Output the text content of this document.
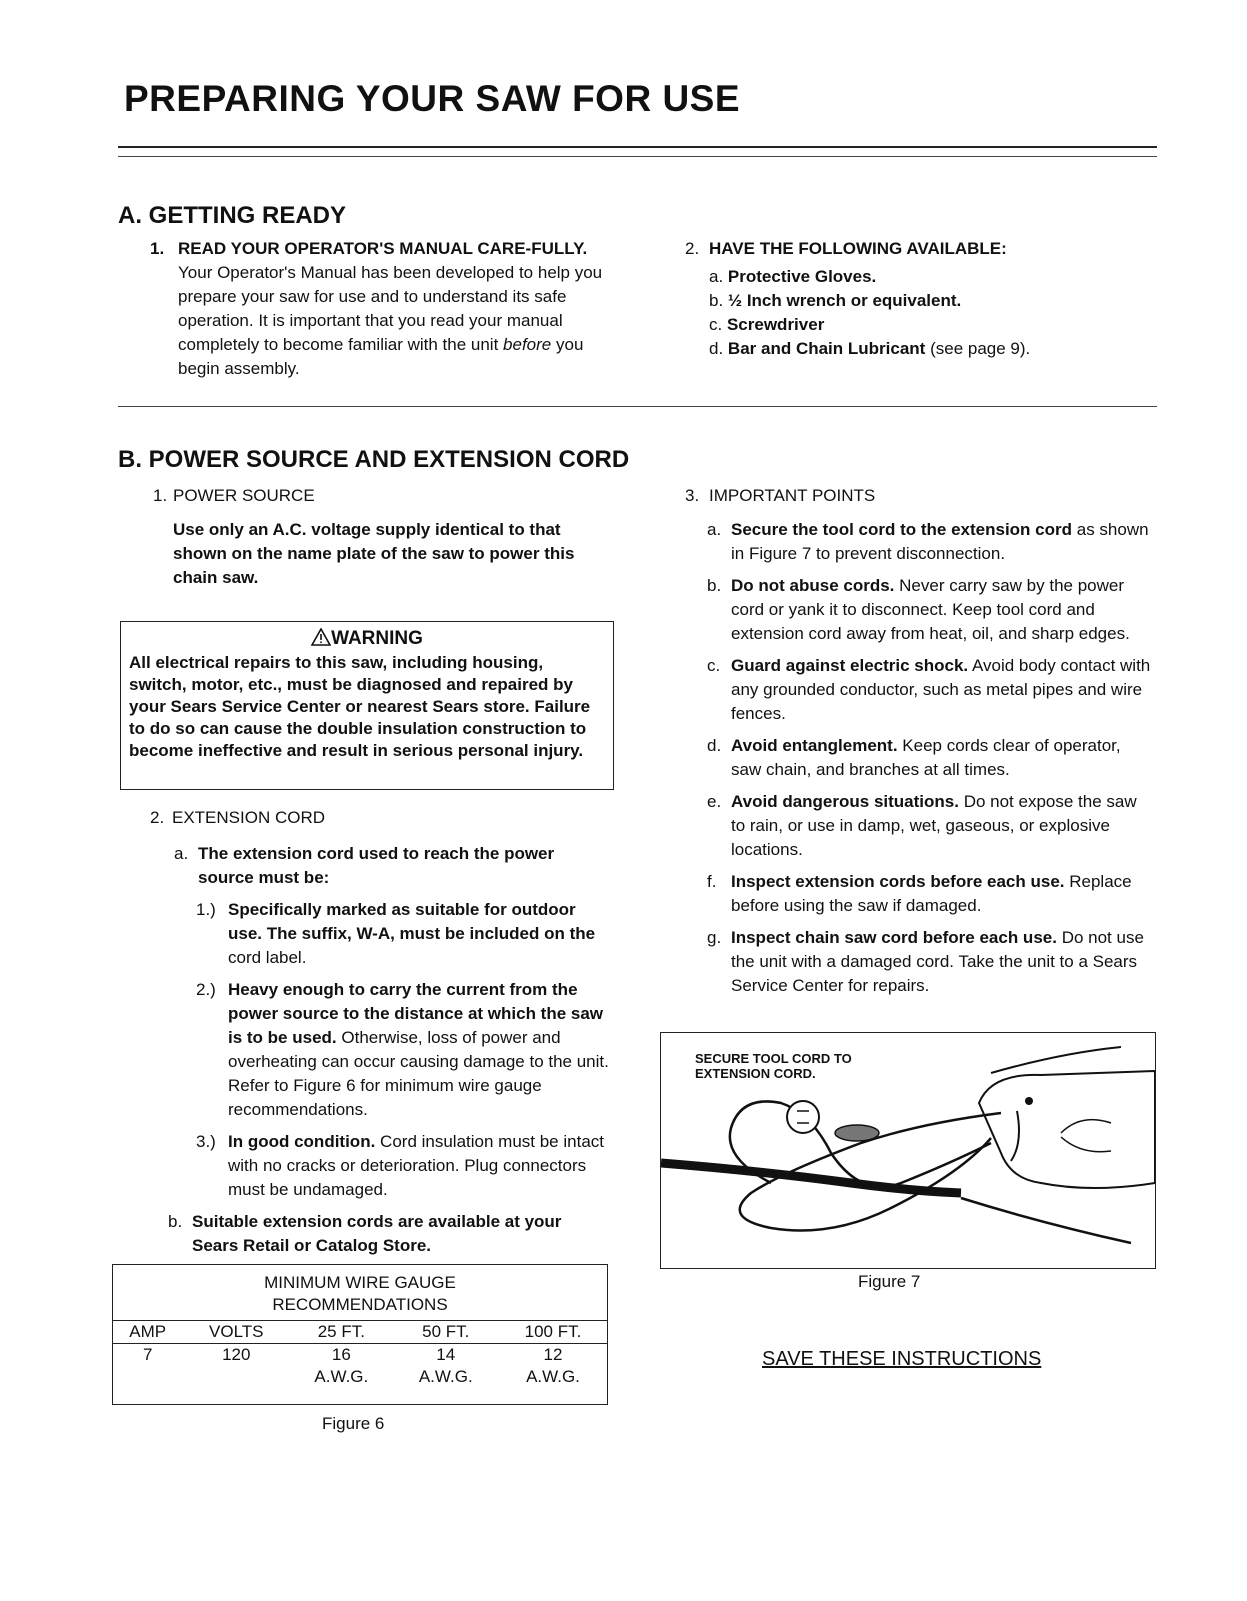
PREPARING YOUR SAW FOR USE
A. GETTING READY
1. READ YOUR OPERATOR'S MANUAL CARE-FULLY. Your Operator's Manual has been developed to help you prepare your saw for use and to understand its safe operation. It is important that you read your manual completely to become familiar with the unit before you begin assembly.
2. HAVE THE FOLLOWING AVAILABLE:
a. Protective Gloves.
b. ½ Inch wrench or equivalent.
c. Screwdriver
d. Bar and Chain Lubricant (see page 9).
B. POWER SOURCE AND EXTENSION CORD
1. POWER SOURCE
Use only an A.C. voltage supply identical to that shown on the name plate of the saw to power this chain saw.
WARNING
All electrical repairs to this saw, including housing, switch, motor, etc., must be diagnosed and repaired by your Sears Service Center or nearest Sears store. Failure to do so can cause the double insulation construction to become ineffective and result in serious personal injury.
2. EXTENSION CORD
a. The extension cord used to reach the power source must be:
1.) Specifically marked as suitable for outdoor use. The suffix, W-A, must be included on the cord label.
2.) Heavy enough to carry the current from the power source to the distance at which the saw is to be used. Otherwise, loss of power and overheating can occur causing damage to the unit. Refer to Figure 6 for minimum wire gauge recommendations.
3.) In good condition. Cord insulation must be intact with no cracks or deterioration. Plug connectors must be undamaged.
b. Suitable extension cords are available at your Sears Retail or Catalog Store.
MINIMUM WIRE GAUGE				
RECOMMENDATIONS				
AMP	VOLTS	25 FT.	50 FT.	100 FT.
7	120	16	14	12
		A.W.G.	A.W.G.	A.W.G.
Figure 6
3. IMPORTANT POINTS
a. Secure the tool cord to the extension cord as shown in Figure 7 to prevent disconnection.
b. Do not abuse cords. Never carry saw by the power cord or yank it to disconnect. Keep tool cord and extension cord away from heat, oil, and sharp edges.
c. Guard against electric shock. Avoid body contact with any grounded conductor, such as metal pipes and wire fences.
d. Avoid entanglement. Keep cords clear of operator, saw chain, and branches at all times.
e. Avoid dangerous situations. Do not expose the saw to rain, or use in damp, wet, gaseous, or explosive locations.
f. Inspect extension cords before each use. Replace before using the saw if damaged.
g. Inspect chain saw cord before each use. Do not use the unit with a damaged cord. Take the unit to a Sears Service Center for repairs.
SECURE TOOL CORD TO
EXTENSION CORD.
Figure 7
SAVE THESE INSTRUCTIONS
